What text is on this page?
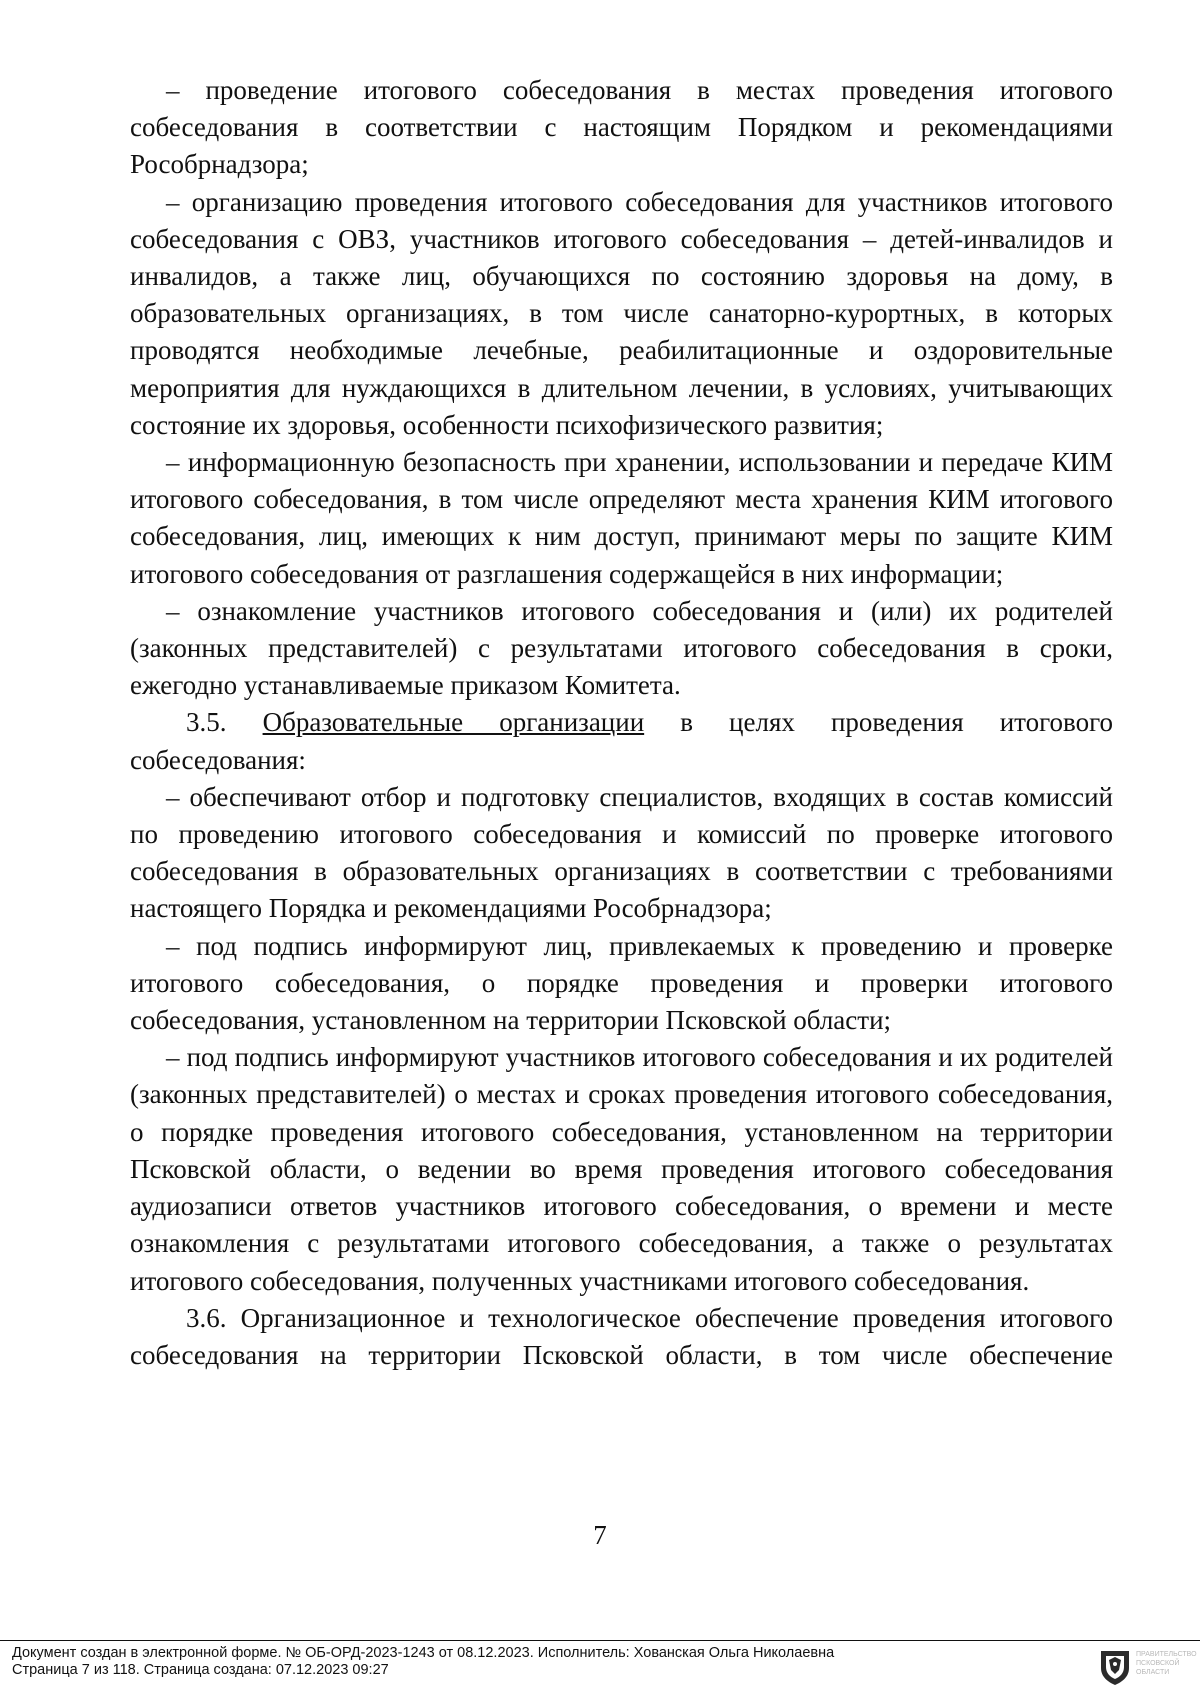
– проведение итогового собеседования в местах проведения итогового собеседования в соответствии с настоящим Порядком и рекомендациями Рособрнадзора;

– организацию проведения итогового собеседования для участников итогового собеседования с ОВЗ, участников итогового собеседования – детей-инвалидов и инвалидов, а также лиц, обучающихся по состоянию здоровья на дому, в образовательных организациях, в том числе санаторно-курортных, в которых проводятся необходимые лечебные, реабилитационные и оздоровительные мероприятия для нуждающихся в длительном лечении, в условиях, учитывающих состояние их здоровья, особенности психофизического развития;

– информационную безопасность при хранении, использовании и передаче КИМ итогового собеседования, в том числе определяют места хранения КИМ итогового собеседования, лиц, имеющих к ним доступ, принимают меры по защите КИМ итогового собеседования от разглашения содержащейся в них информации;

– ознакомление участников итогового собеседования и (или) их родителей (законных представителей) с результатами итогового собеседования в сроки, ежегодно устанавливаемые приказом Комитета.

3.5. Образовательные организации в целях проведения итогового собеседования:

– обеспечивают отбор и подготовку специалистов, входящих в состав комиссий по проведению итогового собеседования и комиссий по проверке итогового собеседования в образовательных организациях в соответствии с требованиями настоящего Порядка и рекомендациями Рособрнадзора;

– под подпись информируют лиц, привлекаемых к проведению и проверке итогового собеседования, о порядке проведения и проверки итогового собеседования, установленном на территории Псковской области;

– под подпись информируют участников итогового собеседования и их родителей (законных представителей) о местах и сроках проведения итогового собеседования, о порядке проведения итогового собеседования, установленном на территории Псковской области, о ведении во время проведения итогового собеседования аудиозаписи ответов участников итогового собеседования, о времени и месте ознакомления с результатами итогового собеседования, а также о результатах итогового собеседования, полученных участниками итогового собеседования.

3.6. Организационное и технологическое обеспечение проведения итогового собеседования на территории Псковской области, в том числе обеспечение

7
Документ создан в электронной форме. № ОБ-ОРД-2023-1243 от 08.12.2023. Исполнитель: Хованская Ольга Николаевна
Страница 7 из 118. Страница создана: 07.12.2023 09:27
ПРАВИТЕЛЬСТВО ПСКОВСКОЙ ОБЛАСТИ
